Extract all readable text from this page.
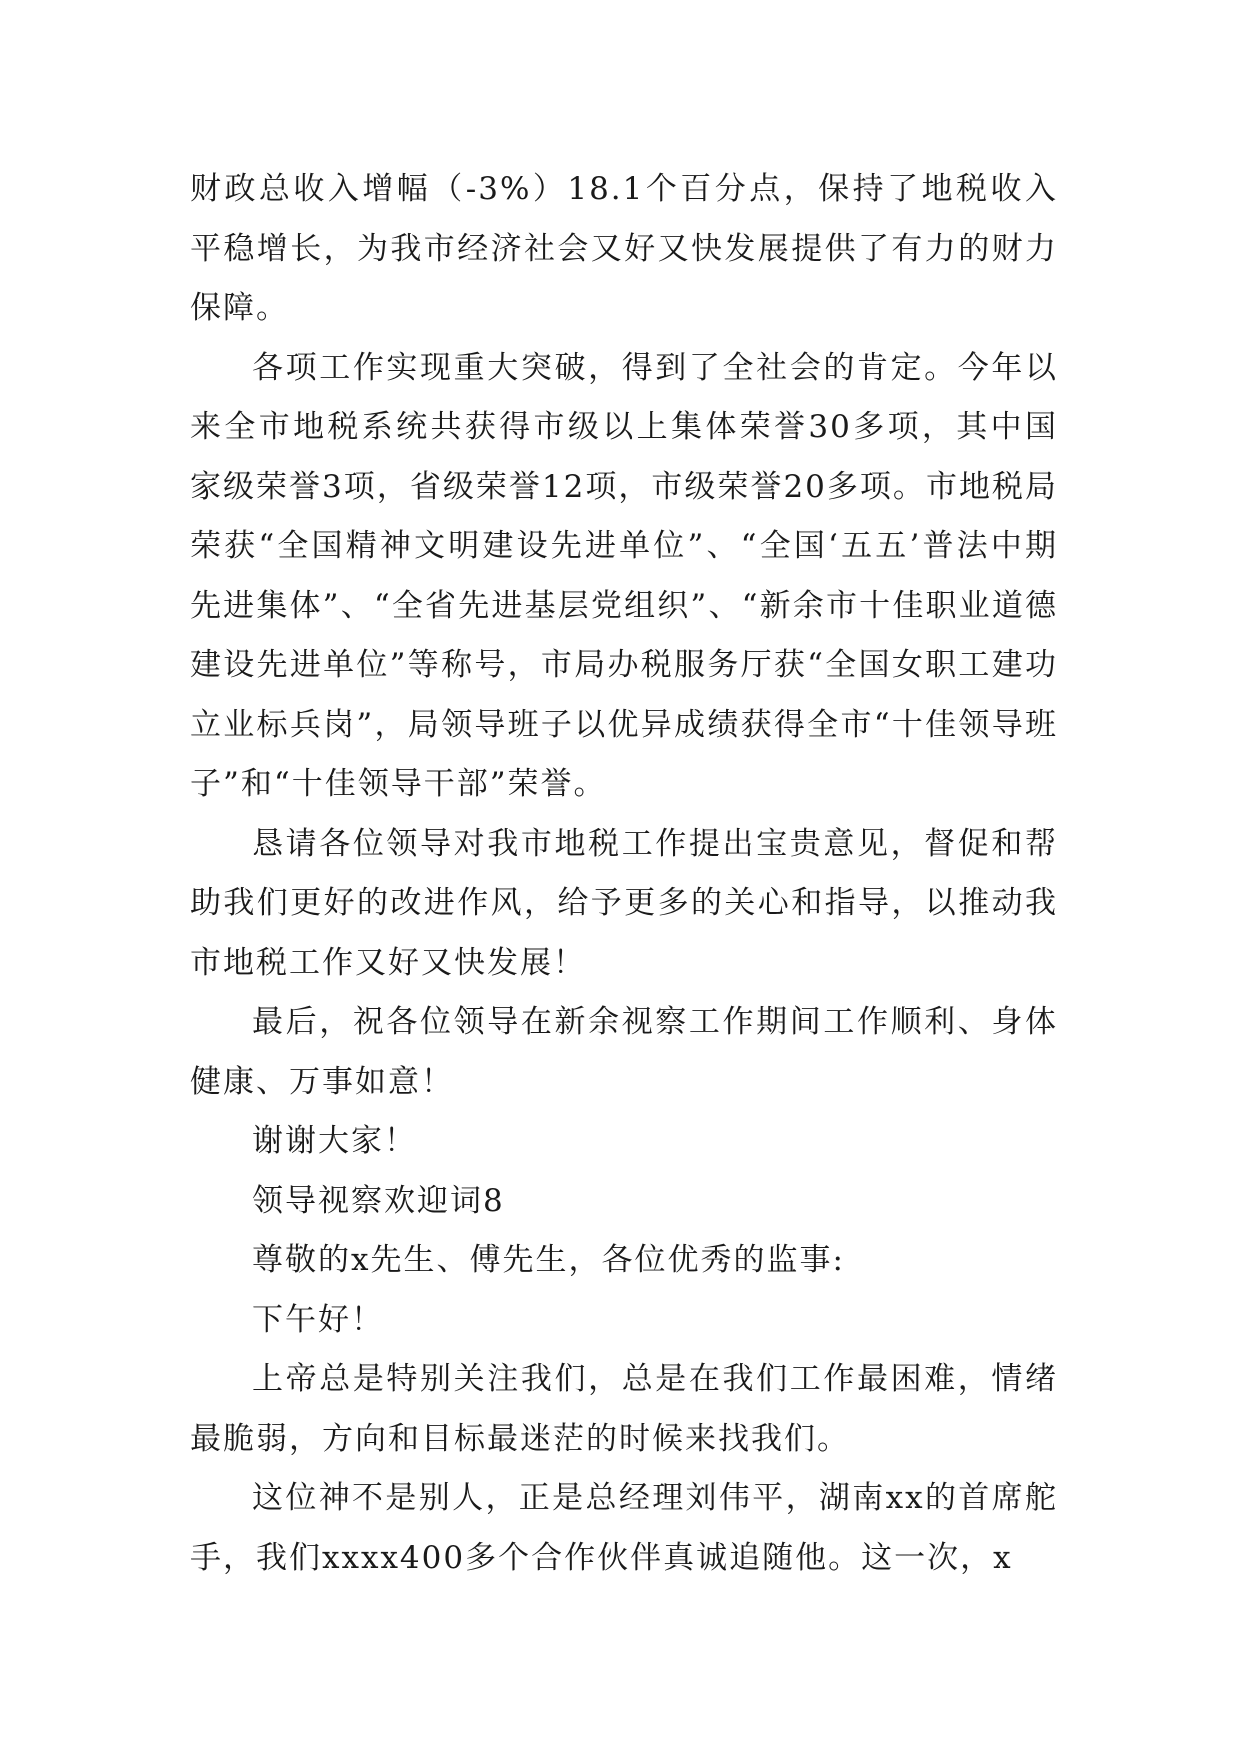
财政总收入增幅（-3%）18.1个百分点，保持了地税收入平稳增长，为我市经济社会又好又快发展提供了有力的财力保障。

各项工作实现重大突破，得到了全社会的肯定。今年以来全市地税系统共获得市级以上集体荣誉30多项，其中国家级荣誉3项，省级荣誉12项，市级荣誉20多项。市地税局荣获“全国精神文明建设先进单位”、“全国‘五五’普法中期先进集体”、“全省先进基层党组织”、“新余市十佳职业道德建设先进单位”等称号，市局办税服务厅获“全国女职工建功立业标兵岗”，局领导班子以优异成绩获得全市“十佳领导班子”和“十佳领导干部”荣誉。

恳请各位领导对我市地税工作提出宝贵意见，督促和帮助我们更好的改进作风，给予更多的关心和指导，以推动我市地税工作又好又快发展！

最后，祝各位领导在新余视察工作期间工作顺利、身体健康、万事如意！

谢谢大家！

领导视察欢迎词8

尊敬的x先生、傅先生，各位优秀的监事:

下午好！

上帝总是特别关注我们，总是在我们工作最困难，情绪最脆弱，方向和目标最迷茫的时候来找我们。

这位神不是别人，正是总经理刘伟平，湖南xx的首席舵手，我们xxxx400多个合作伙伴真诚追随他。这一次，x
